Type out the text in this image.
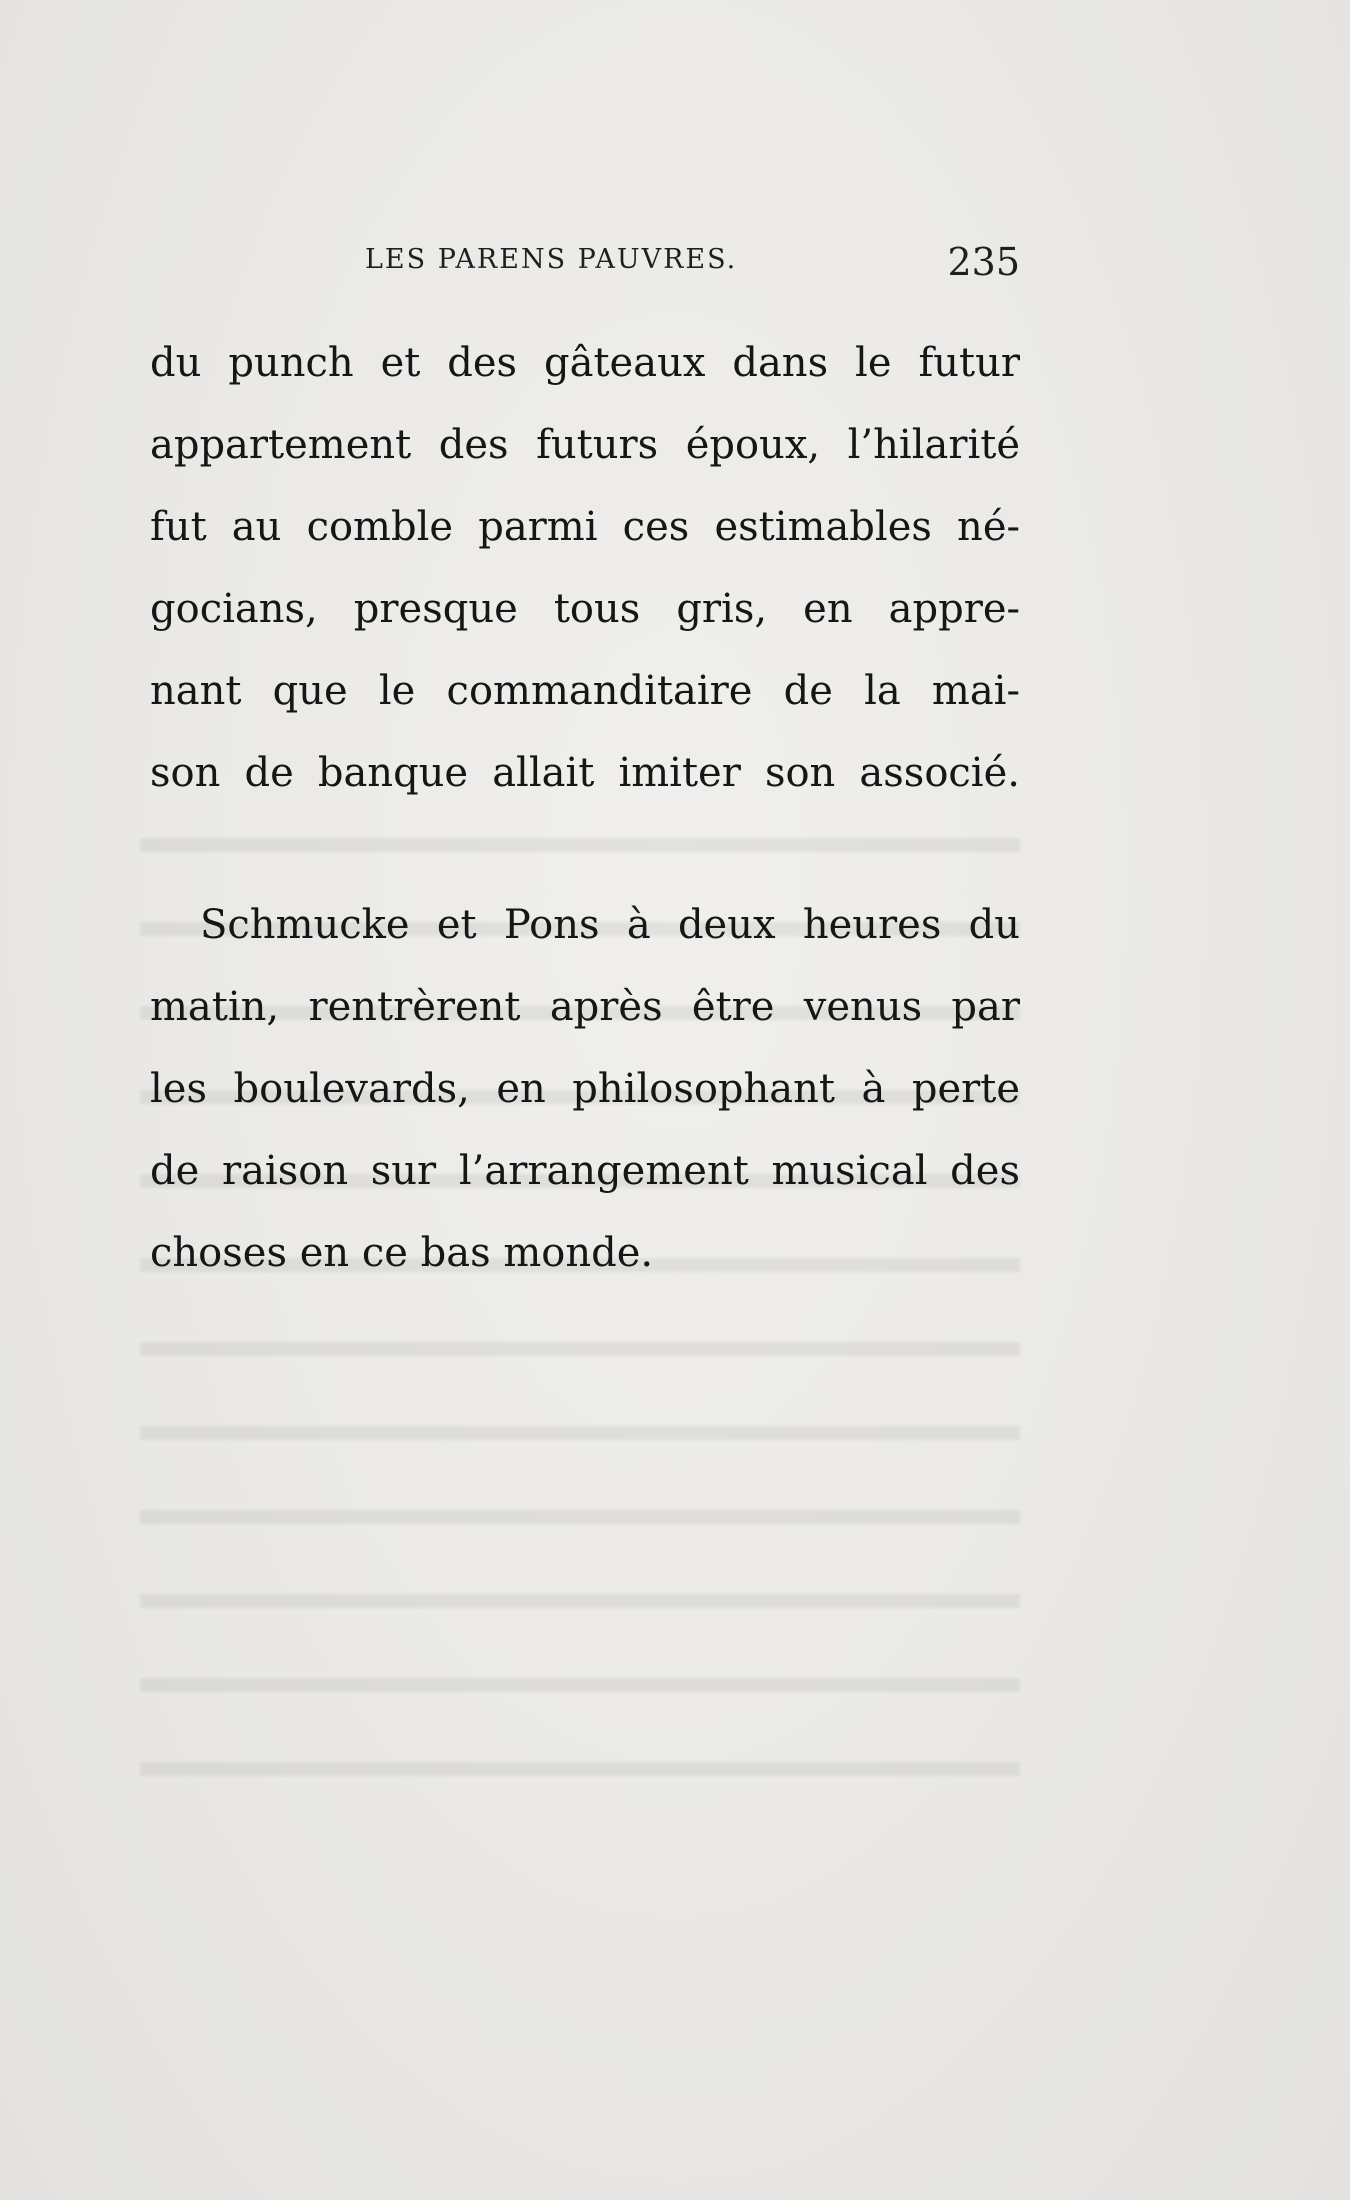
LES PARENS PAUVRES.	235

du punch et des gâteaux dans le futur
appartement des futurs époux, l’hilarité
fut au comble parmi ces estimables né-
gocians, presque tous gris, en appre-
nant que le commanditaire de la mai-
son de banque allait imiter son associé.

Schmucke et Pons à deux heures du
matin, rentrèrent après être venus par
les boulevards, en philosophant à perte
de raison sur l’arrangement musical des
choses en ce bas monde.
